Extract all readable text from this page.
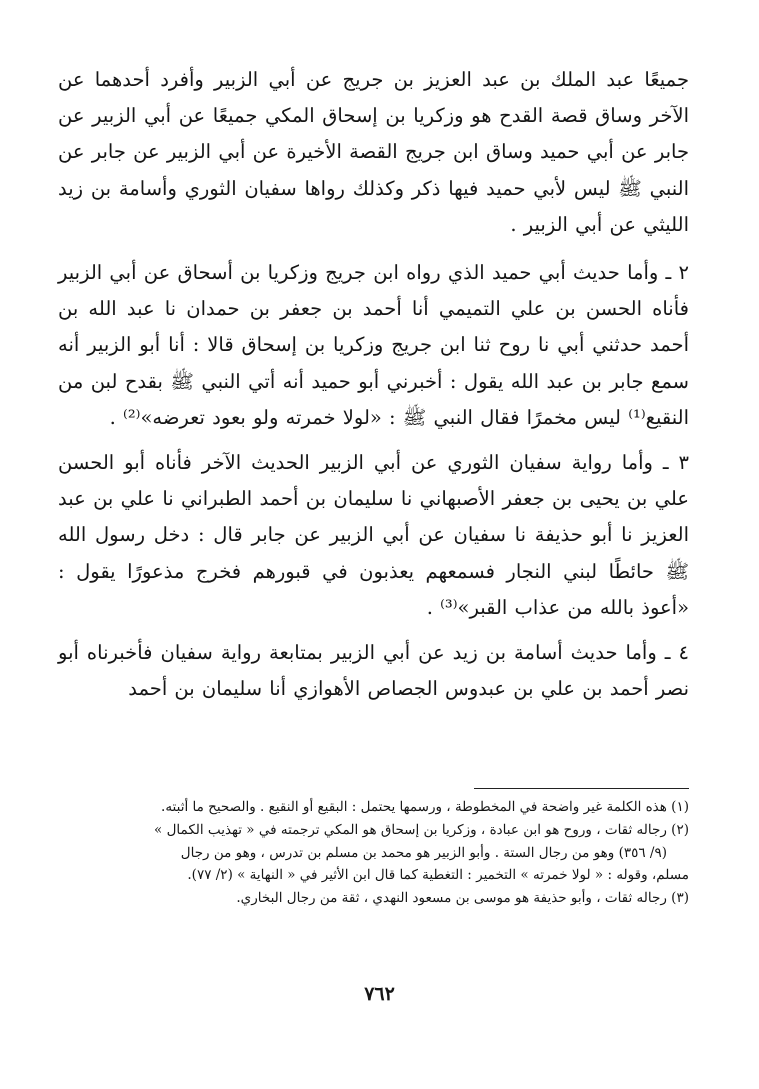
جميعًا عبد الملك بن عبد العزيز بن جريج عن أبي الزبير وأفرد أحدهما عن الآخر وساق قصة القدح هو وزكريا بن إسحاق المكي جميعًا عن أبي الزبير عن جابر عن أبي حميد وساق ابن جريج القصة الأخيرة عن أبي الزبير عن جابر عن النبي ﷺ ليس لأبي حميد فيها ذكر وكذلك رواها سفيان الثوري وأسامة بن زيد الليثي عن أبي الزبير .

٢ ـ وأما حديث أبي حميد الذي رواه ابن جريج وزكريا بن أسحاق عن أبي الزبير فأناه الحسن بن علي التميمي أنا أحمد بن جعفر بن حمدان نا عبد الله بن أحمد حدثني أبي نا روح ثنا ابن جريج وزكريا بن إسحاق قالا : أنا أبو الزبير أنه سمع جابر بن عبد الله يقول : أخبرني أبو حميد أنه أتي النبي ﷺ بقدح لبن من النقيع⁽¹⁾ ليس مخمرًا فقال النبي ﷺ : «لولا خمرته ولو بعود تعرضه»⁽²⁾ .

٣ ـ وأما رواية سفيان الثوري عن أبي الزبير الحديث الآخر فأناه أبو الحسن علي بن يحيى بن جعفر الأصبهاني نا سليمان بن أحمد الطبراني نا علي بن عبد العزيز نا أبو حذيفة نا سفيان عن أبي الزبير عن جابر قال : دخل رسول الله ﷺ حائطًا لبني النجار فسمعهم يعذبون في قبورهم فخرج مذعورًا يقول : «أعوذ بالله من عذاب القبر»⁽³⁾ .

٤ ـ وأما حديث أسامة بن زيد عن أبي الزبير بمتابعة رواية سفيان فأخبرناه أبو نصر أحمد بن علي بن عبدوس الجصاص الأهوازي أنا سليمان بن أحمد

(١) هذه الكلمة غير واضحة في المخطوطة ، ورسمها يحتمل : البقيع أو النقيع . والصحيح ما أثبته.

(٢) رجاله ثقات ، وروح هو ابن عبادة ، وزكريا بن إسحاق هو المكي ترجمته في « تهذيب الكمال »

(٩/ ٣٥٦) وهو من رجال الستة . وأبو الزبير هو محمد بن مسلم بن تدرس ، وهو من رجال

مسلم، وقوله : « لولا خمرته » التخمير : التغطية كما قال ابن الأثير في « النهاية » (٢/ ٧٧).

(٣) رجاله ثقات ، وأبو حذيفة هو موسى بن مسعود النهدي ، ثقة من رجال البخاري.

٧٦٢
